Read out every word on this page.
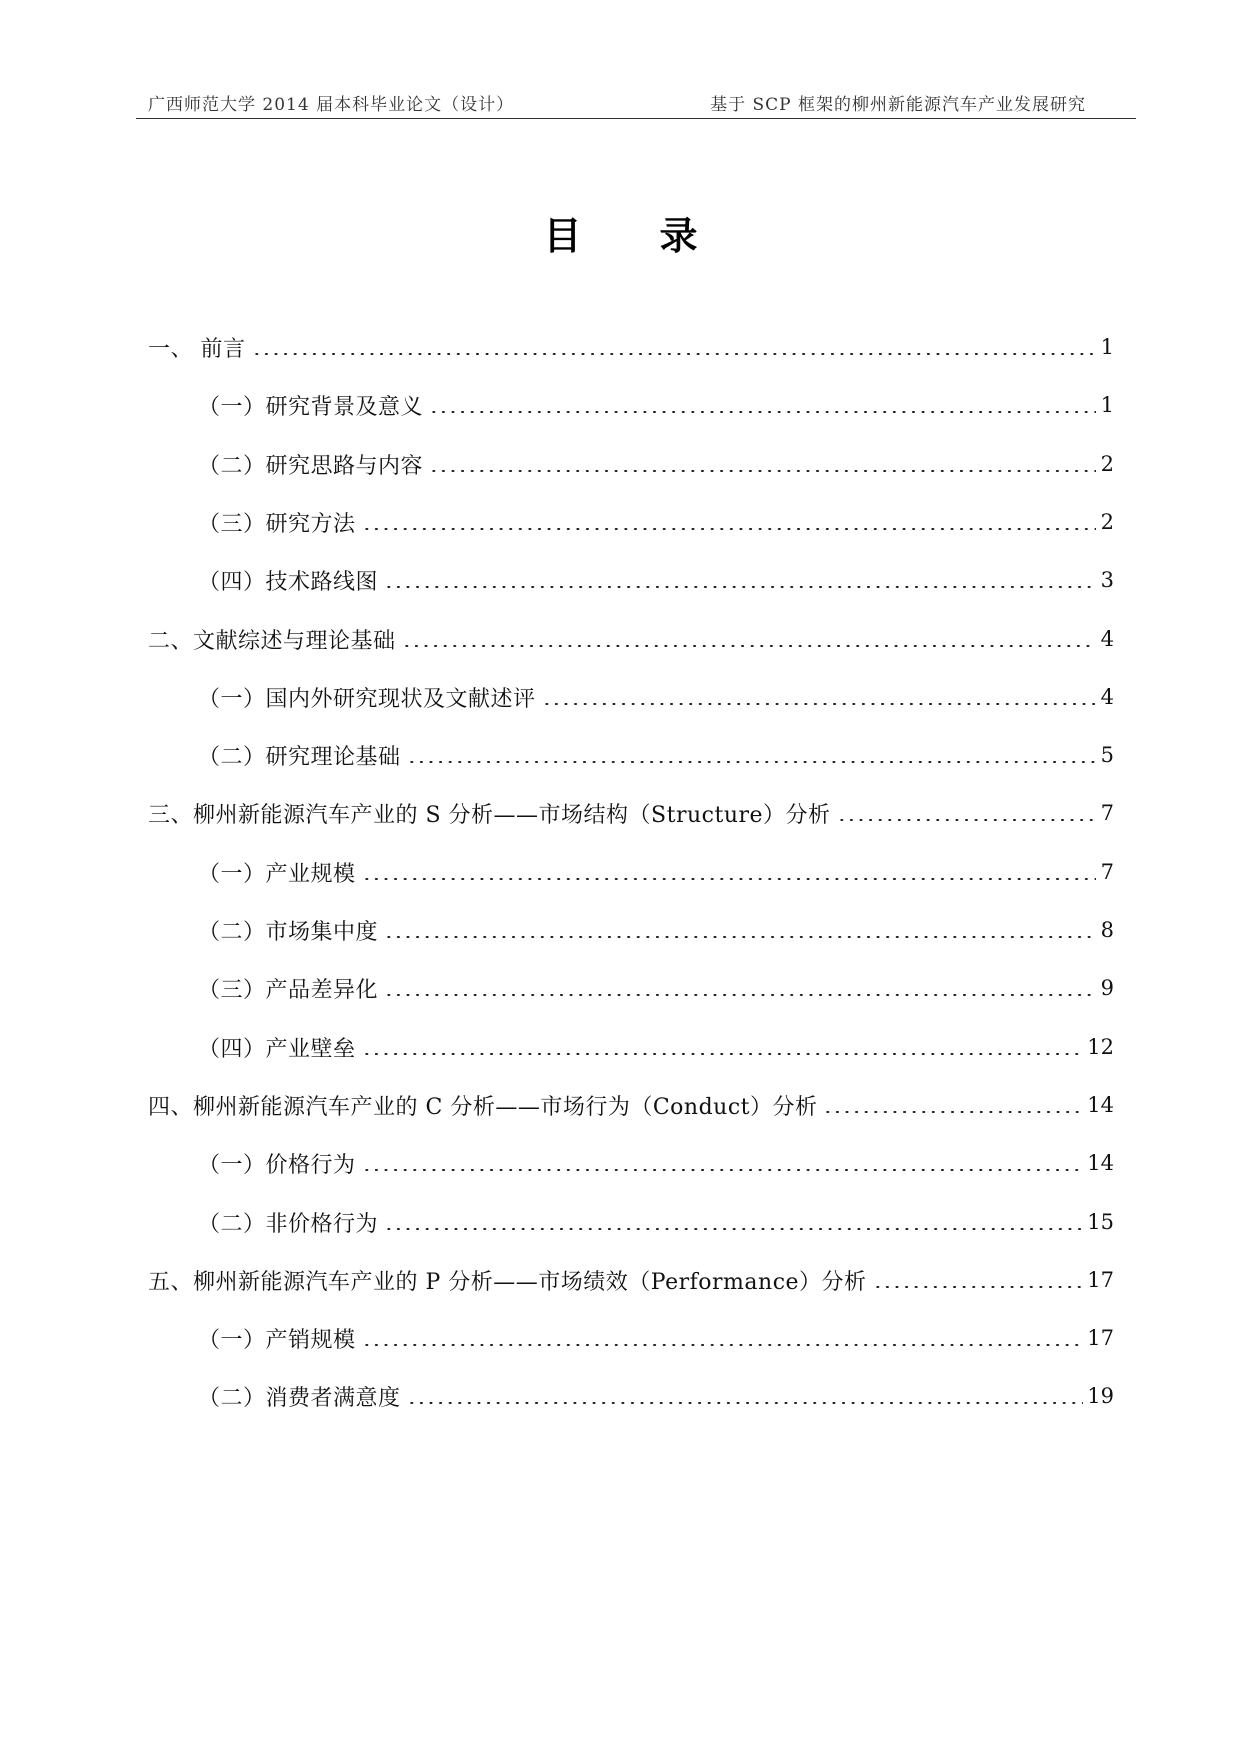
广西师范大学 2014 届本科毕业论文（设计）	基于 SCP 框架的柳州新能源汽车产业发展研究
目录
一、 前言	1
（一）研究背景及意义	1
（二）研究思路与内容	2
（三）研究方法	2
（四）技术路线图	3
二、文献综述与理论基础	4
（一）国内外研究现状及文献述评	4
（二）研究理论基础	5
三、柳州新能源汽车产业的 S 分析——市场结构（Structure）分析	7
（一）产业规模	7
（二）市场集中度	8
（三）产品差异化	9
（四）产业壁垒	12
四、柳州新能源汽车产业的 C 分析——市场行为（Conduct）分析	14
（一）价格行为	14
（二）非价格行为	15
五、柳州新能源汽车产业的 P 分析——市场绩效（Performance）分析	17
（一）产销规模	17
（二）消费者满意度	19
